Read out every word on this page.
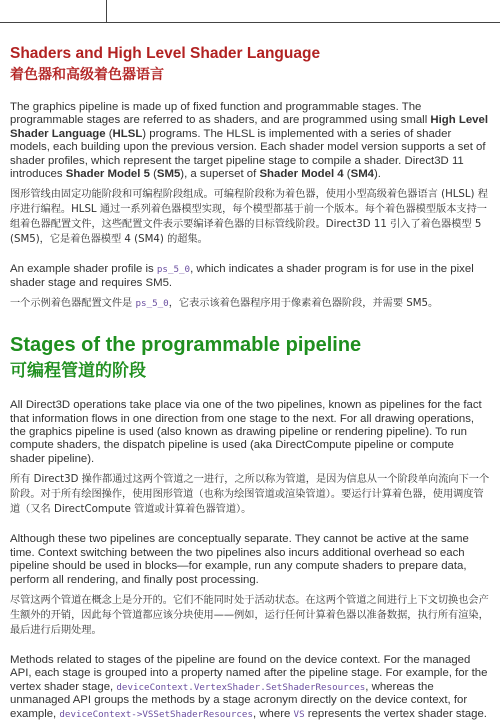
Shaders and High Level Shader Language
着色器和高级着色器语言

The graphics pipeline is made up of fixed function and programmable stages. The programmable stages are referred to as shaders, and are programmed using small High Level Shader Language (HLSL) programs. The HLSL is implemented with a series of shader models, each building upon the previous version. Each shader model version supports a set of shader profiles, which represent the target pipeline stage to compile a shader. Direct3D 11 introduces Shader Model 5 (SM5), a superset of Shader Model 4 (SM4).

图形管线由固定功能阶段和可编程阶段组成。可编程阶段称为着色器，使用小型高级着色器语言 (HLSL) 程序进行编程。HLSL 通过一系列着色器模型实现，每个模型都基于前一个版本。每个着色器模型版本支持一组着色器配置文件，这些配置文件表示要编译着色器的目标管线阶段。Direct3D 11 引入了着色器模型 5 (SM5)，它是着色器模型 4 (SM4) 的超集。

An example shader profile is ps_5_0, which indicates a shader program is for use in the pixel shader stage and requires SM5.

一个示例着色器配置文件是 ps_5_0，它表示该着色器程序用于像素着色器阶段，并需要 SM5。

Stages of the programmable pipeline
可编程管道的阶段

All Direct3D operations take place via one of the two pipelines, known as pipelines for the fact that information flows in one direction from one stage to the next. For all drawing operations, the graphics pipeline is used (also known as drawing pipeline or rendering pipeline). To run compute shaders, the dispatch pipeline is used (aka DirectCompute pipeline or compute shader pipeline).

所有 Direct3D 操作都通过这两个管道之一进行，之所以称为管道，是因为信息从一个阶段单向流向下一个阶段。对于所有绘图操作，使用图形管道（也称为绘图管道或渲染管道）。要运行计算着色器，使用调度管道（又名 DirectCompute 管道或计算着色器管道）。

Although these two pipelines are conceptually separate. They cannot be active at the same time. Context switching between the two pipelines also incurs additional overhead so each pipeline should be used in blocks—for example, run any compute shaders to prepare data, perform all rendering, and finally post processing.

尽管这两个管道在概念上是分开的。它们不能同时处于活动状态。在这两个管道之间进行上下文切换也会产生额外的开销，因此每个管道都应该分块使用——例如，运行任何计算着色器以准备数据，执行所有渲染，最后进行后期处理。

Methods related to stages of the pipeline are found on the device context. For the managed API, each stage is grouped into a property named after the pipeline stage. For example, for the vertex shader stage, deviceContext.VertexShader.SetShaderResources, whereas the unmanaged API groups the methods by a stage acronym directly on the device context, for example, deviceContext->VSSetShaderResources, where VS represents the vertex shader stage.
